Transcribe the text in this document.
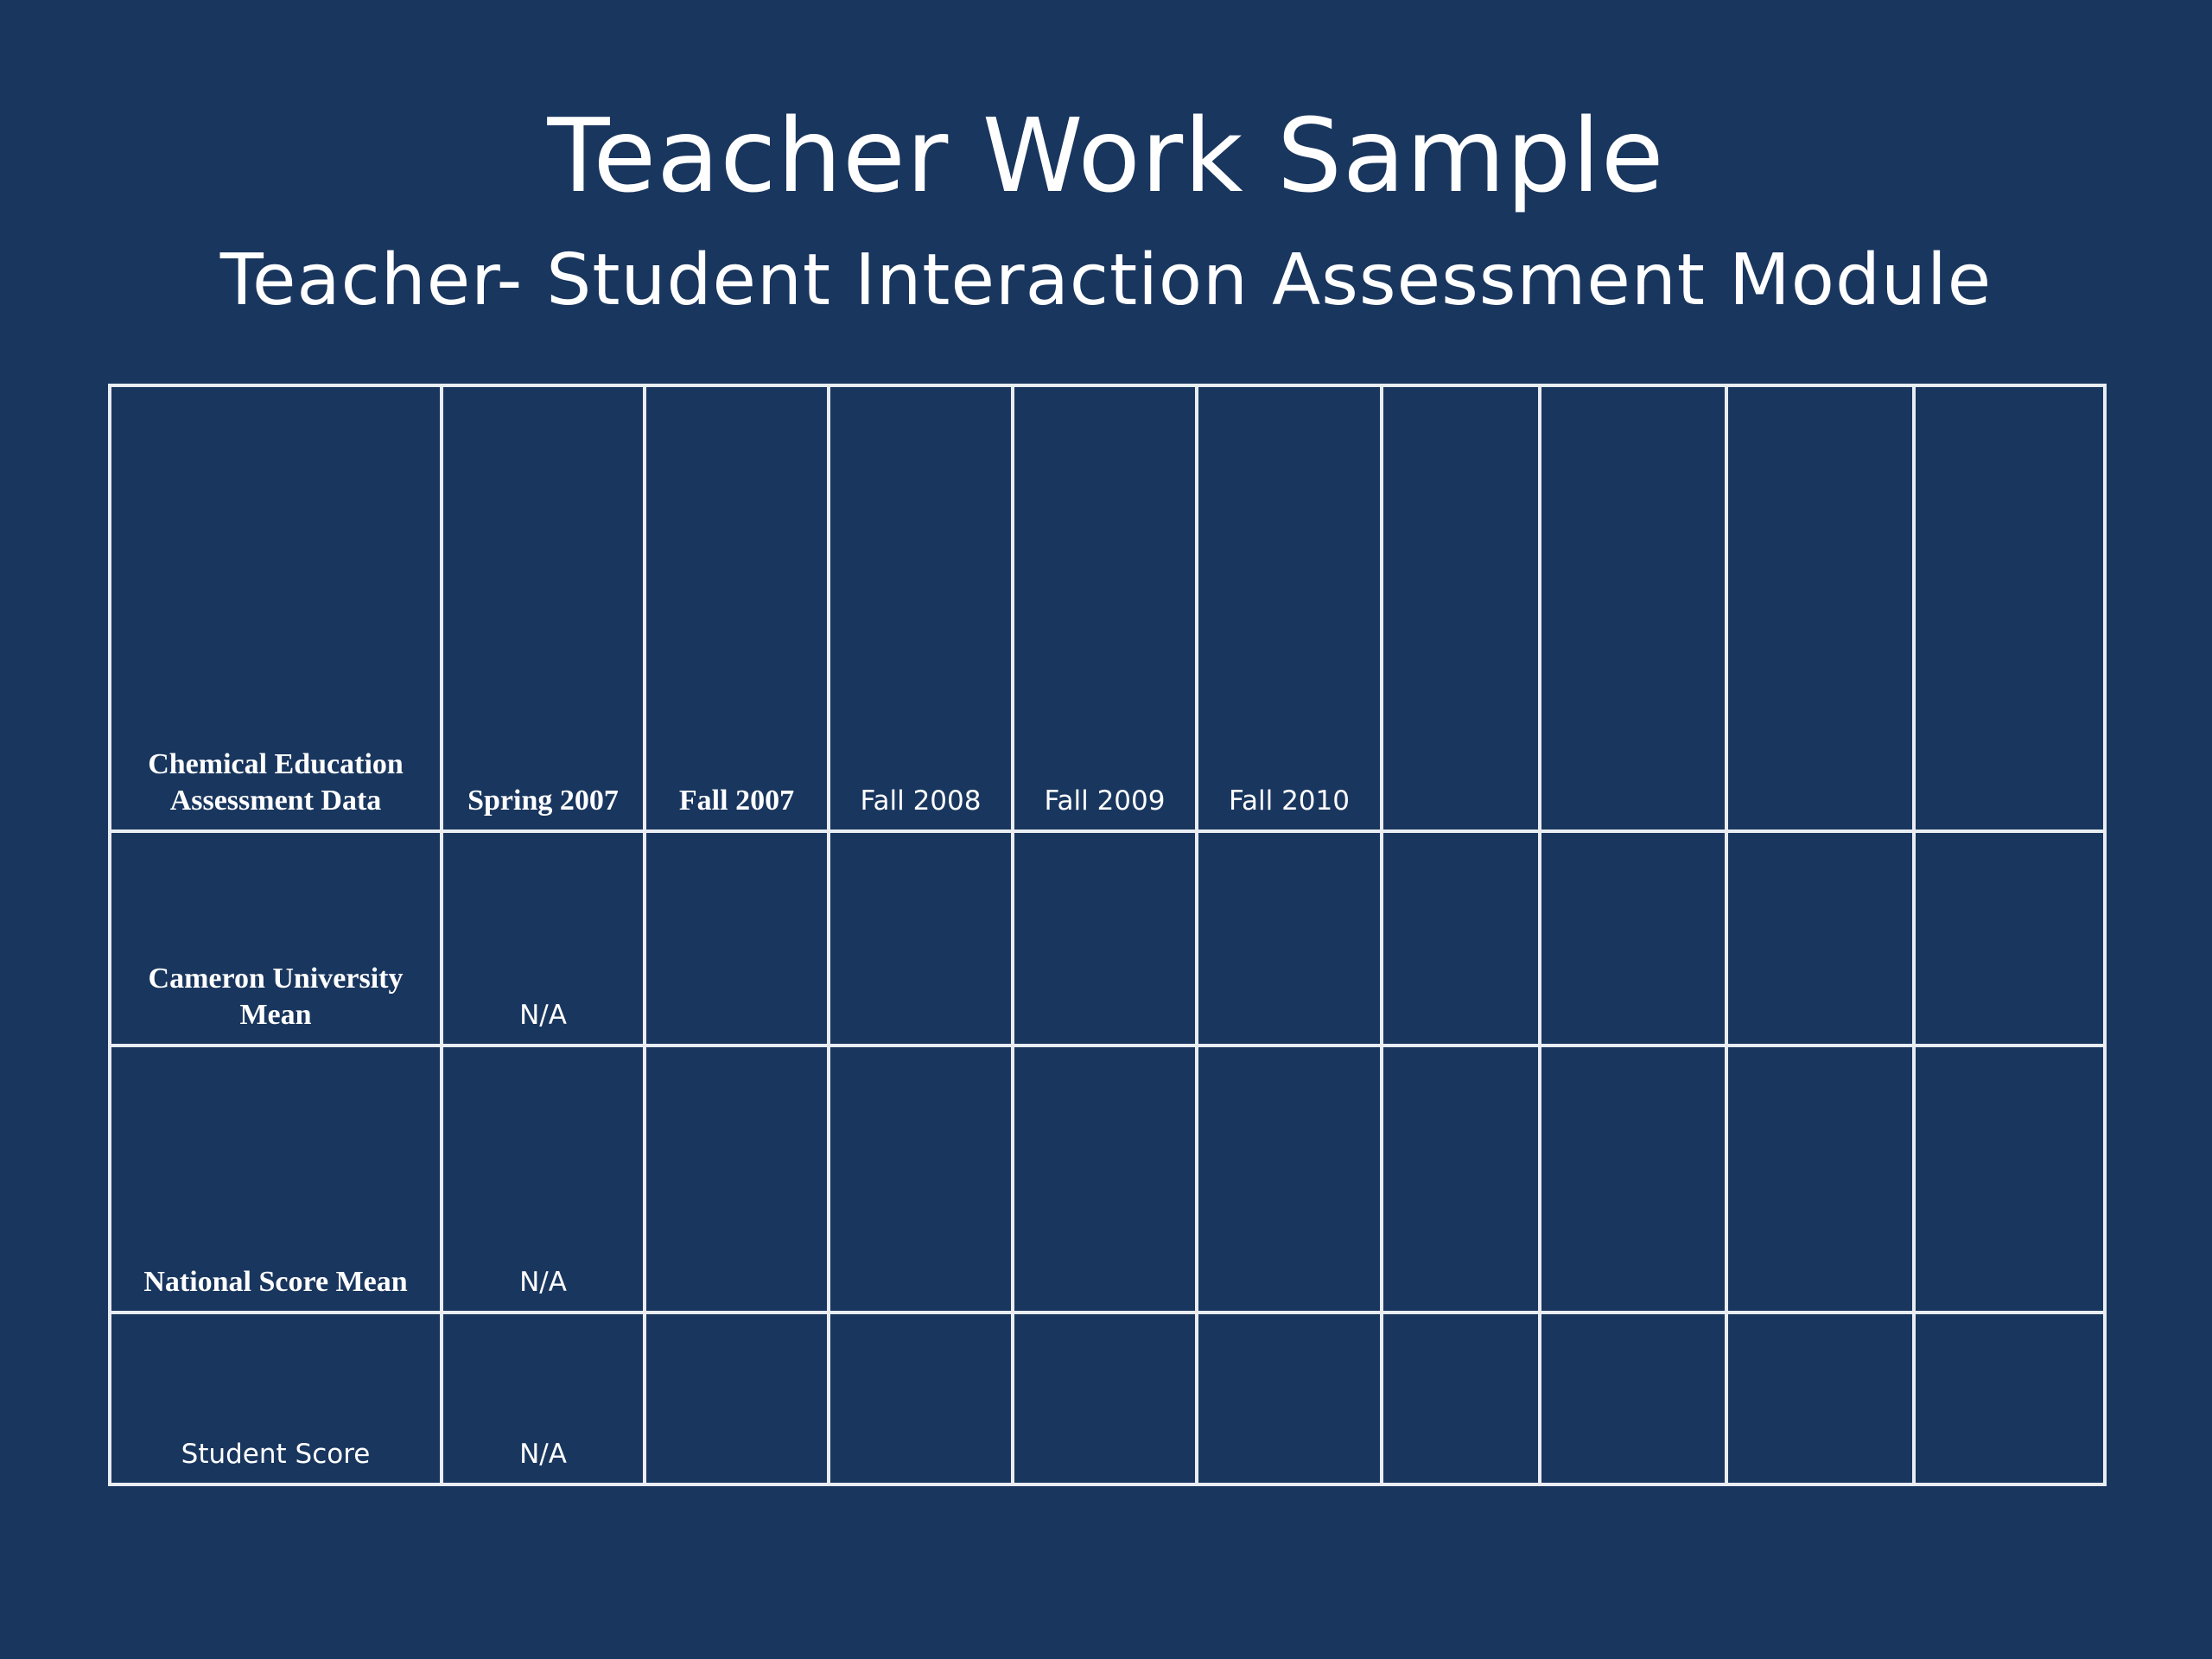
Teacher Work Sample
Teacher- Student Interaction Assessment Module
Chemical Education Assessment Data	Spring 2007	Fall 2007	Fall 2008	Fall 2009	Fall 2010				
Cameron University Mean	N/A								
National Score Mean	N/A								
Student Score	N/A								
